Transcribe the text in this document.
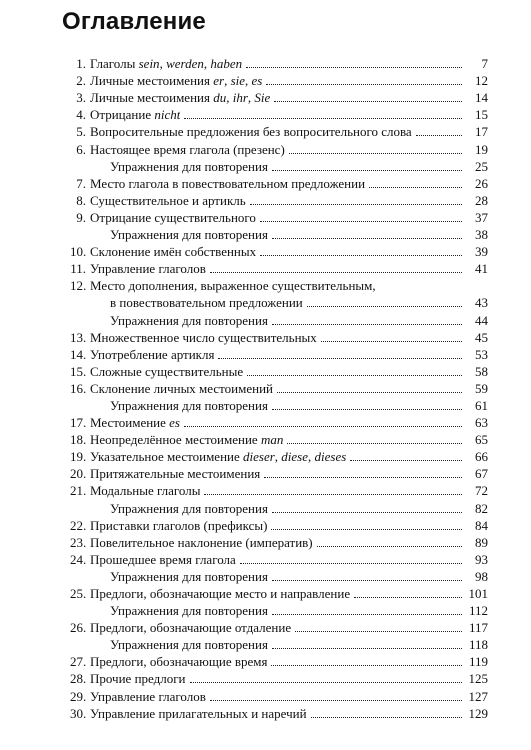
Оглавление
1. Глаголы sein, werden, haben	7
2. Личные местоимения er, sie, es	12
3. Личные местоимения du, ihr, Sie	14
4. Отрицание nicht	15
5. Вопросительные предложения без вопросительного слова	17
6. Настоящее время глагола (презенс)	19
Упражнения для повторения	25
7. Место глагола в повествовательном предложении	26
8. Существительное и артикль	28
9. Отрицание существительного	37
Упражнения для повторения	38
10. Склонение имён собственных	39
11. Управление глаголов	41
12. Место дополнения, выраженное существительным,
в повествовательном предложении	43
Упражнения для повторения	44
13. Множественное число существительных	45
14. Употребление артикля	53
15. Сложные существительные	58
16. Склонение личных местоимений	59
Упражнения для повторения	61
17. Местоимение es	63
18. Неопределённое местоимение man	65
19. Указательное местоимение dieser, diese, dieses	66
20. Притяжательные местоимения	67
21. Модальные глаголы	72
Упражнения для повторения	82
22. Приставки глаголов (префиксы)	84
23. Повелительное наклонение (императив)	89
24. Прошедшее время глагола	93
Упражнения для повторения	98
25. Предлоги, обозначающие место и направление	101
Упражнения для повторения	112
26. Предлоги, обозначающие отдаление	117
Упражнения для повторения	118
27. Предлоги, обозначающие время	119
28. Прочие предлоги	125
29. Управление глаголов	127
30. Управление прилагательных и наречий	129
